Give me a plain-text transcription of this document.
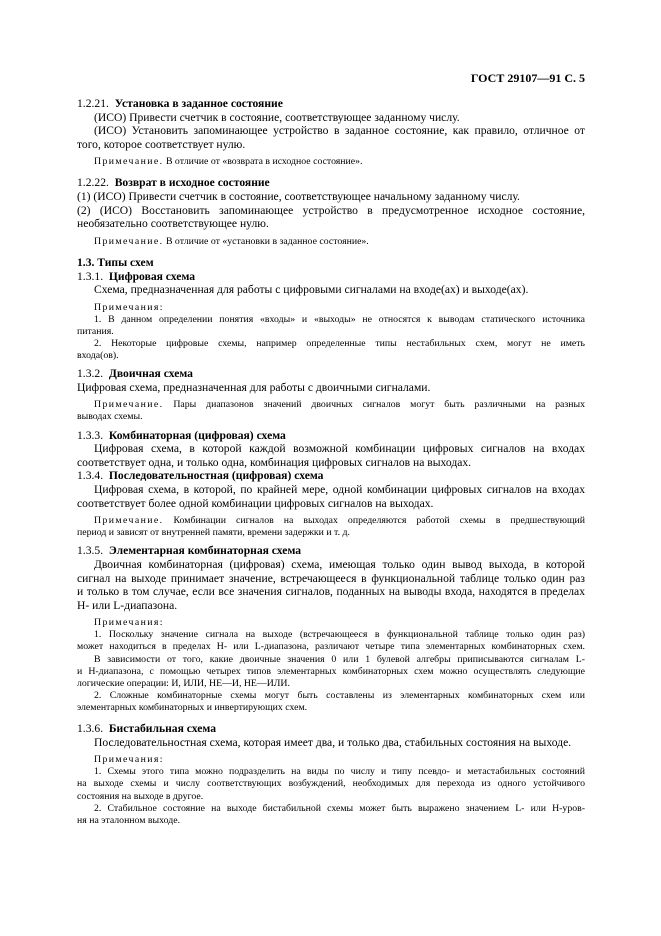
ГОСТ 29107—91 С. 5
1.2.21. Установка в заданное состояние
(ИСО) Привести счетчик в состояние, соответствующее заданному числу.
(ИСО) Установить запоминающее устройство в заданное состояние, как правило, отличное от
того, которое соответствует нулю.
Примечание. В отличие от «возврата в исходное состояние».
1.2.22. Возврат в исходное состояние
(1) (ИСО) Привести счетчик в состояние, соответствующее начальному заданному числу.
(2) (ИСО) Восстановить запоминающее устройство в предусмотренное исходное состояние,
необязательно соответствующее нулю.
Примечание. В отличие от «установки в заданное состояние».
1.3. Типы схем
1.3.1. Цифровая схема
Схема, предназначенная для работы с цифровыми сигналами на входе(ах) и выходе(ах).
Примечания:
1. В данном определении понятия «входы» и «выходы» не относятся к выводам статического источника
питания.
2. Некоторые цифровые схемы, например определенные типы нестабильных схем, могут не иметь
входа(ов).
1.3.2. Двоичная схема
Цифровая схема, предназначенная для работы с двоичными сигналами.
Примечание. Пары диапазонов значений двоичных сигналов могут быть различными на разных
выводах схемы.
1.3.3. Комбинаторная (цифровая) схема
Цифровая схема, в которой каждой возможной комбинации цифровых сигналов на входах
соответствует одна, и только одна, комбинация цифровых сигналов на выходах.
1.3.4. Последовательностная (цифровая) схема
Цифровая схема, в которой, по крайней мере, одной комбинации цифровых сигналов на входах
соответствует более одной комбинации цифровых сигналов на выходах.
Примечание. Комбинации сигналов на выходах определяются работой схемы в предшествующий
период и зависят от внутренней памяти, времени задержки и т. д.
1.3.5. Элементарная комбинаторная схема
Двоичная комбинаторная (цифровая) схема, имеющая только один вывод выхода, в которой
сигнал на выходе принимает значение, встречающееся в функциональной таблице только один раз
и только в том случае, если все значения сигналов, поданных на выводы входа, находятся в пределах
Н- или L-диапазона.
Примечания:
1. Поскольку значение сигнала на выходе (встречающееся в функциональной таблице только один раз)
может находиться в пределах Н- или L-диапазона, различают четыре типа элементарных комбинаторных схем.
В зависимости от того, какие двоичные значения 0 или 1 булевой алгебры приписываются сигналам L-
и Н-диапазона, с помощью четырех типов элементарных комбинаторных схем можно осуществлять следующие
логические операции: И, ИЛИ, НЕ—И, НЕ—ИЛИ.
2. Сложные комбинаторные схемы могут быть составлены из элементарных комбинаторных схем или
элементарных комбинаторных и инвертирующих схем.
1.3.6. Бистабильная схема
Последовательностная схема, которая имеет два, и только два, стабильных состояния на выходе.
Примечания:
1. Схемы этого типа можно подразделить на виды по числу и типу псевдо- и метастабильных состояний
на выходе схемы и числу соответствующих возбуждений, необходимых для перехода из одного устойчивого
состояния на выходе в другое.
2. Стабильное состояние на выходе бистабильной схемы может быть выражено значением L- или Н-уров-
ня на эталонном выходе.
